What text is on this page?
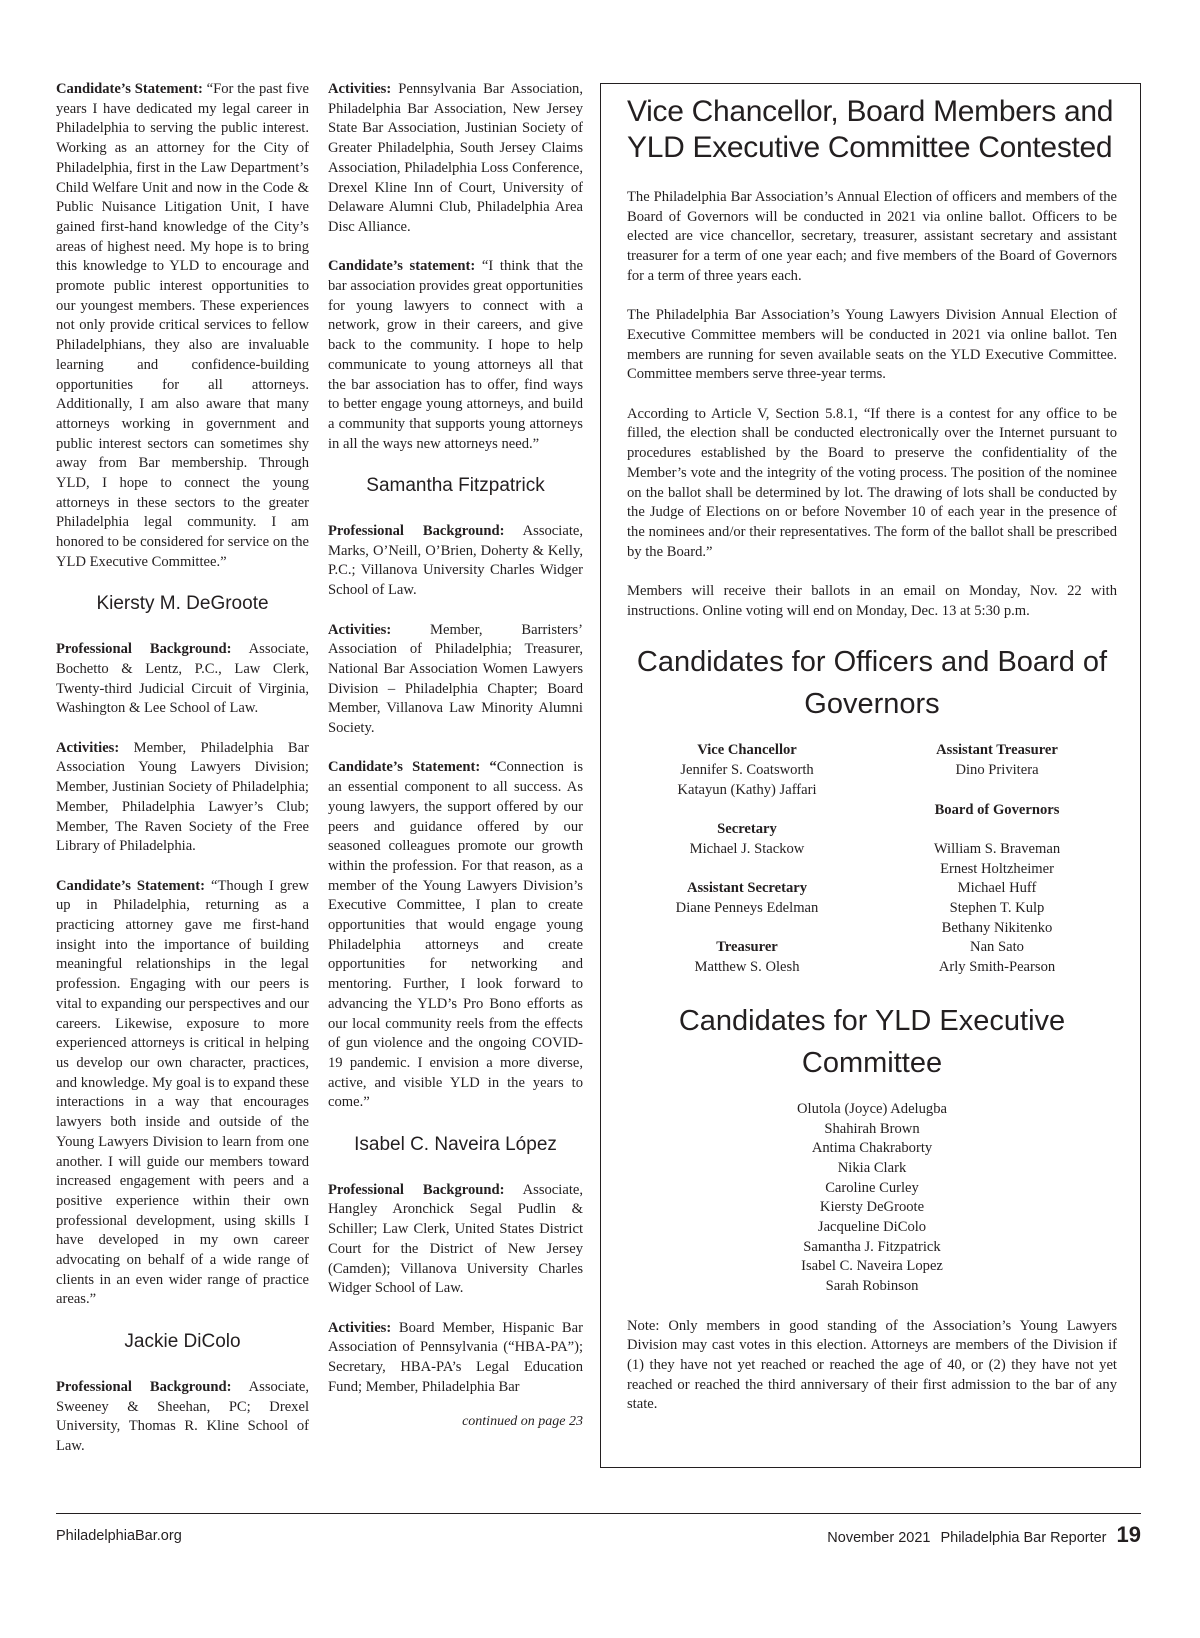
Candidate’s Statement: “For the past five years I have dedicated my legal career in Philadelphia to serving the public interest. Working as an attorney for the City of Philadelphia, first in the Law Department’s Child Welfare Unit and now in the Code & Public Nuisance Litigation Unit, I have gained first-hand knowledge of the City’s areas of highest need. My hope is to bring this knowledge to YLD to encourage and promote public interest opportunities to our youngest members. These experiences not only provide critical services to fellow Philadelphians, they also are invaluable learning and confidence-building opportunities for all attorneys. Additionally, I am also aware that many attorneys working in government and public interest sectors can sometimes shy away from Bar membership. Through YLD, I hope to connect the young attorneys in these sectors to the greater Philadelphia legal community. I am honored to be considered for service on the YLD Executive Committee.”

Kiersty M. DeGroote

Professional Background: Associate, Bochetto & Lentz, P.C., Law Clerk, Twenty-third Judicial Circuit of Virginia, Washington & Lee School of Law.

Activities: Member, Philadelphia Bar Association Young Lawyers Division; Member, Justinian Society of Philadelphia; Member, Philadelphia Lawyer’s Club; Member, The Raven Society of the Free Library of Philadelphia.

Candidate’s Statement: “Though I grew up in Philadelphia, returning as a practicing attorney gave me first-hand insight into the importance of building meaningful relationships in the legal profession. Engaging with our peers is vital to expanding our perspectives and our careers. Likewise, exposure to more experienced attorneys is critical in helping us develop our own character, practices, and knowledge. My goal is to expand these interactions in a way that encourages lawyers both inside and outside of the Young Lawyers Division to learn from one another. I will guide our members toward increased engagement with peers and a positive experience within their own professional development, using skills I have developed in my own career advocating on behalf of a wide range of clients in an even wider range of practice areas.”

Jackie DiColo

Professional Background: Associate, Sweeney & Sheehan, PC; Drexel University, Thomas R. Kline School of Law.

Activities: Pennsylvania Bar Association, Philadelphia Bar Association, New Jersey State Bar Association, Justinian Society of Greater Philadelphia, South Jersey Claims Association, Philadelphia Loss Conference, Drexel Kline Inn of Court, University of Delaware Alumni Club, Philadelphia Area Disc Alliance.

Candidate’s statement: “I think that the bar association provides great opportunities for young lawyers to connect with a network, grow in their careers, and give back to the community. I hope to help communicate to young attorneys all that the bar association has to offer, find ways to better engage young attorneys, and build a community that supports young attorneys in all the ways new attorneys need.”

Samantha Fitzpatrick

Professional Background: Associate, Marks, O’Neill, O’Brien, Doherty & Kelly, P.C.; Villanova University Charles Widger School of Law.

Activities: Member, Barristers’ Association of Philadelphia; Treasurer, National Bar Association Women Lawyers Division – Philadelphia Chapter; Board Member, Villanova Law Minority Alumni Society.

Candidate’s Statement: “Connection is an essential component to all success. As young lawyers, the support offered by our peers and guidance offered by our seasoned colleagues promote our growth within the profession. For that reason, as a member of the Young Lawyers Division’s Executive Committee, I plan to create opportunities that would engage young Philadelphia attorneys and create opportunities for networking and mentoring. Further, I look forward to advancing the YLD’s Pro Bono efforts as our local community reels from the effects of gun violence and the ongoing COVID-19 pandemic. I envision a more diverse, active, and visible YLD in the years to come.”

Isabel C. Naveira López

Professional Background: Associate, Hangley Aronchick Segal Pudlin & Schiller; Law Clerk, United States District Court for the District of New Jersey (Camden); Villanova University Charles Widger School of Law.

Activities: Board Member, Hispanic Bar Association of Pennsylvania (“HBA-PA”); Secretary, HBA-PA’s Legal Education Fund; Member, Philadelphia Bar

continued on page 23
Vice Chancellor, Board Members and YLD Executive Committee Contested

The Philadelphia Bar Association’s Annual Election of officers and members of the Board of Governors will be conducted in 2021 via online ballot. Officers to be elected are vice chancellor, secretary, treasurer, assistant secretary and assistant treasurer for a term of one year each; and five members of the Board of Governors for a term of three years each.

The Philadelphia Bar Association’s Young Lawyers Division Annual Election of Executive Committee members will be conducted in 2021 via online ballot. Ten members are running for seven available seats on the YLD Executive Committee. Committee members serve three-year terms.

According to Article V, Section 5.8.1, “If there is a contest for any office to be filled, the election shall be conducted electronically over the Internet pursuant to procedures established by the Board to preserve the confidentiality of the Member’s vote and the integrity of the voting process. The position of the nominee on the ballot shall be determined by lot. The drawing of lots shall be conducted by the Judge of Elections on or before November 10 of each year in the presence of the nominees and/or their representatives. The form of the ballot shall be prescribed by the Board.”

Members will receive their ballots in an email on Monday, Nov. 22 with instructions. Online voting will end on Monday, Dec. 13 at 5:30 p.m.

Candidates for Officers and Board of Governors
Vice Chancellor
Jennifer S. Coatsworth
Katayun (Kathy) Jaffari
Secretary
Michael J. Stackow
Assistant Secretary
Diane Penneys Edelman
Treasurer
Matthew S. Olesh
Assistant Treasurer
Dino Privitera
Board of Governors
William S. Braveman
Ernest Holtzheimer
Michael Huff
Stephen T. Kulp
Bethany Nikitenko
Nan Sato
Arly Smith-Pearson
Candidates for YLD Executive Committee
Olutola (Joyce) Adelugba
Shahirah Brown
Antima Chakraborty
Nikia Clark
Caroline Curley
Kiersty DeGroote
Jacqueline DiColo
Samantha J. Fitzpatrick
Isabel C. Naveira Lopez
Sarah Robinson
Note: Only members in good standing of the Association’s Young Lawyers Division may cast votes in this election. Attorneys are members of the Division if (1) they have not yet reached or reached the age of 40, or (2) they have not yet reached or reached the third anniversary of their first admission to the bar of any state.
PhiladelphiaBar.org	November 2021 Philadelphia Bar Reporter 19
